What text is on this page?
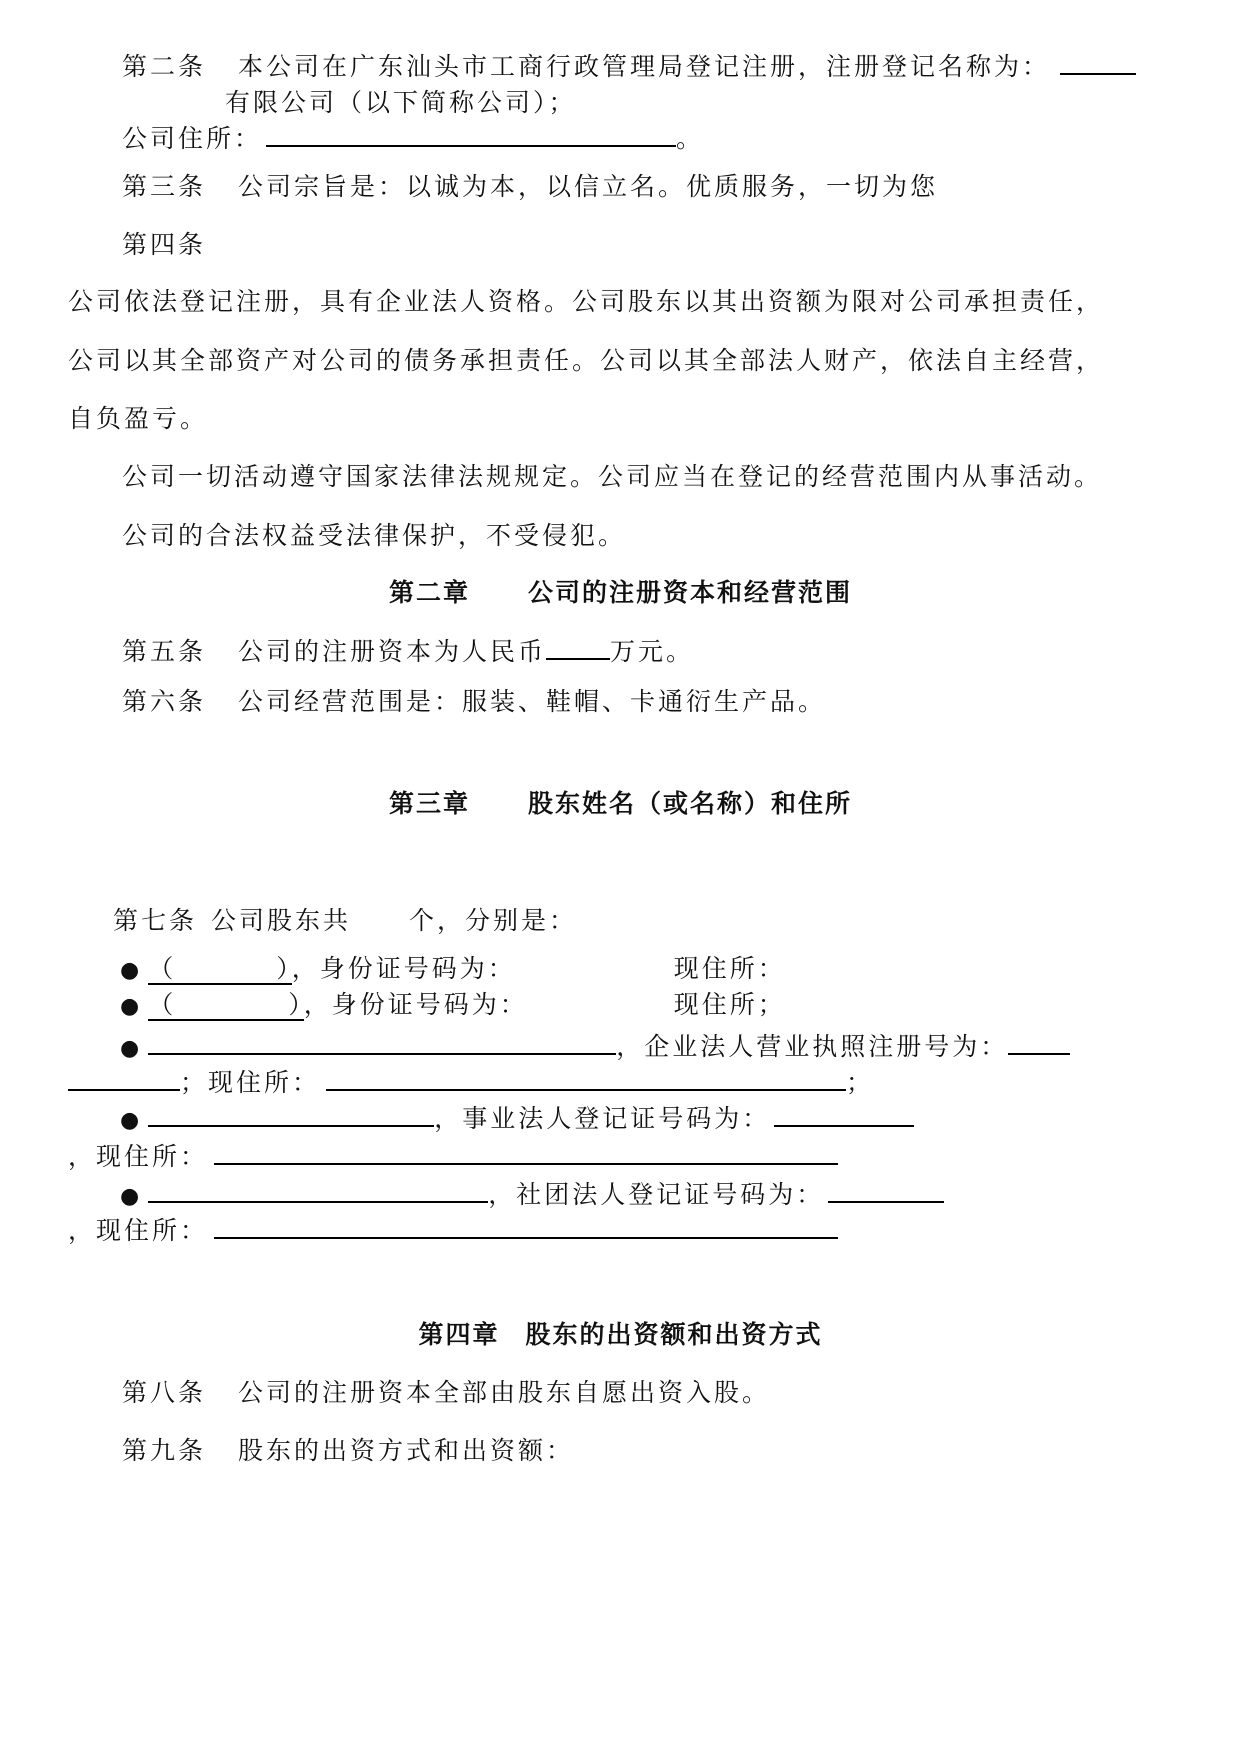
第二条 本公司在广东汕头市工商行政管理局登记注册，注册登记名称为：
有限公司（以下简称公司）；
公司住所：	。
第三条 公司宗旨是：以诚为本，以信立名。优质服务，一切为您
第四条
公司依法登记注册，具有企业法人资格。公司股东以其出资额为限对公司承担责任，
公司以其全部资产对公司的债务承担责任。公司以其全部法人财产，依法自主经营，
自负盈亏。
公司一切活动遵守国家法律法规规定。公司应当在登记的经营范围内从事活动。
公司的合法权益受法律保护，不受侵犯。
第二章 公司的注册资本和经营范围
第五条 公司的注册资本为人民币	万元。
第六条 公司经营范围是：服装、鞋帽、卡通衍生产品。
第三章 股东姓名（或名称）和住所
第七条 公司股东共 个，分别是：
● （	），身份证号码为：	现住所：
● （	），身份证号码为：	现住所；
●	，企业法人营业执照注册号为：
；现住所：	；
●	，事业法人登记证号码为：
，现住所：
●	，社团法人登记证号码为：
，现住所：
第四章 股东的出资额和出资方式
第八条 公司的注册资本全部由股东自愿出资入股。
第九条 股东的出资方式和出资额：
